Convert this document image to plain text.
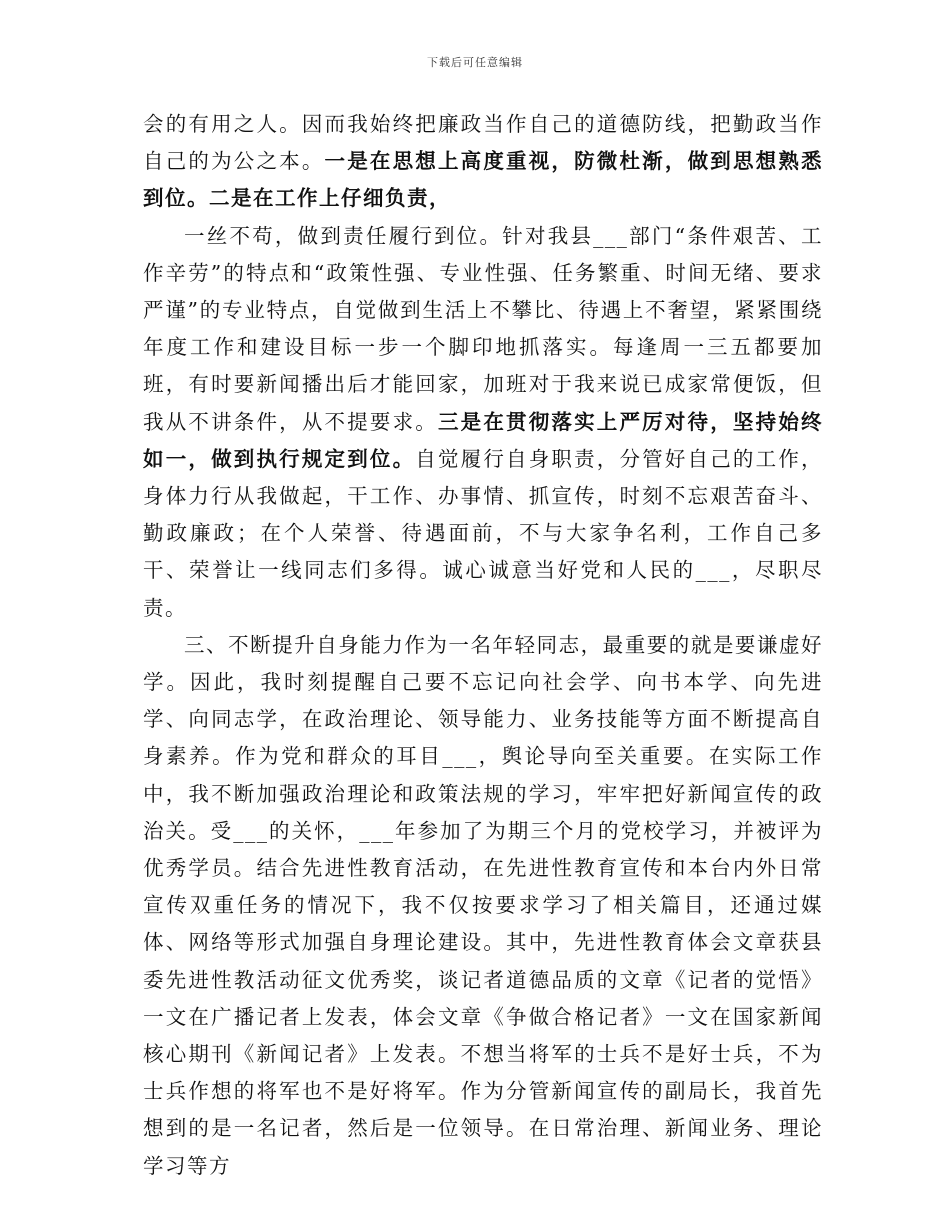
下载后可任意编辑

会的有用之人。因而我始终把廉政当作自己的道德防线，把勤政当作自己的为公之本。一是在思想上高度重视，防微杜渐，做到思想熟悉到位。二是在工作上仔细负责，

一丝不苟，做到责任履行到位。针对我县___部门“条件艰苦、工作辛劳”的特点和“政策性强、专业性强、任务繁重、时间无绪、要求严谨”的专业特点，自觉做到生活上不攀比、待遇上不奢望，紧紧围绕年度工作和建设目标一步一个脚印地抓落实。每逢周一三五都要加班，有时要新闻播出后才能回家，加班对于我来说已成家常便饭，但我从不讲条件，从不提要求。三是在贯彻落实上严厉对待，坚持始终如一，做到执行规定到位。自觉履行自身职责，分管好自己的工作，身体力行从我做起，干工作、办事情、抓宣传，时刻不忘艰苦奋斗、勤政廉政；在个人荣誉、待遇面前，不与大家争名利，工作自己多干、荣誉让一线同志们多得。诚心诚意当好党和人民的___，尽职尽责。

三、不断提升自身能力作为一名年轻同志，最重要的就是要谦虚好学。因此，我时刻提醒自己要不忘记向社会学、向书本学、向先进学、向同志学，在政治理论、领导能力、业务技能等方面不断提高自身素养。作为党和群众的耳目___，舆论导向至关重要。在实际工作中，我不断加强政治理论和政策法规的学习，牢牢把好新闻宣传的政治关。受___的关怀，___年参加了为期三个月的党校学习，并被评为优秀学员。结合先进性教育活动，在先进性教育宣传和本台内外日常宣传双重任务的情况下，我不仅按要求学习了相关篇目，还通过媒体、网络等形式加强自身理论建设。其中，先进性教育体会文章获县委先进性教活动征文优秀奖，谈记者道德品质的文章《记者的觉悟》一文在广播记者上发表，体会文章《争做合格记者》一文在国家新闻核心期刊《新闻记者》上发表。不想当将军的士兵不是好士兵，不为士兵作想的将军也不是好将军。作为分管新闻宣传的副局长，我首先想到的是一名记者，然后是一位领导。在日常治理、新闻业务、理论学习等方
